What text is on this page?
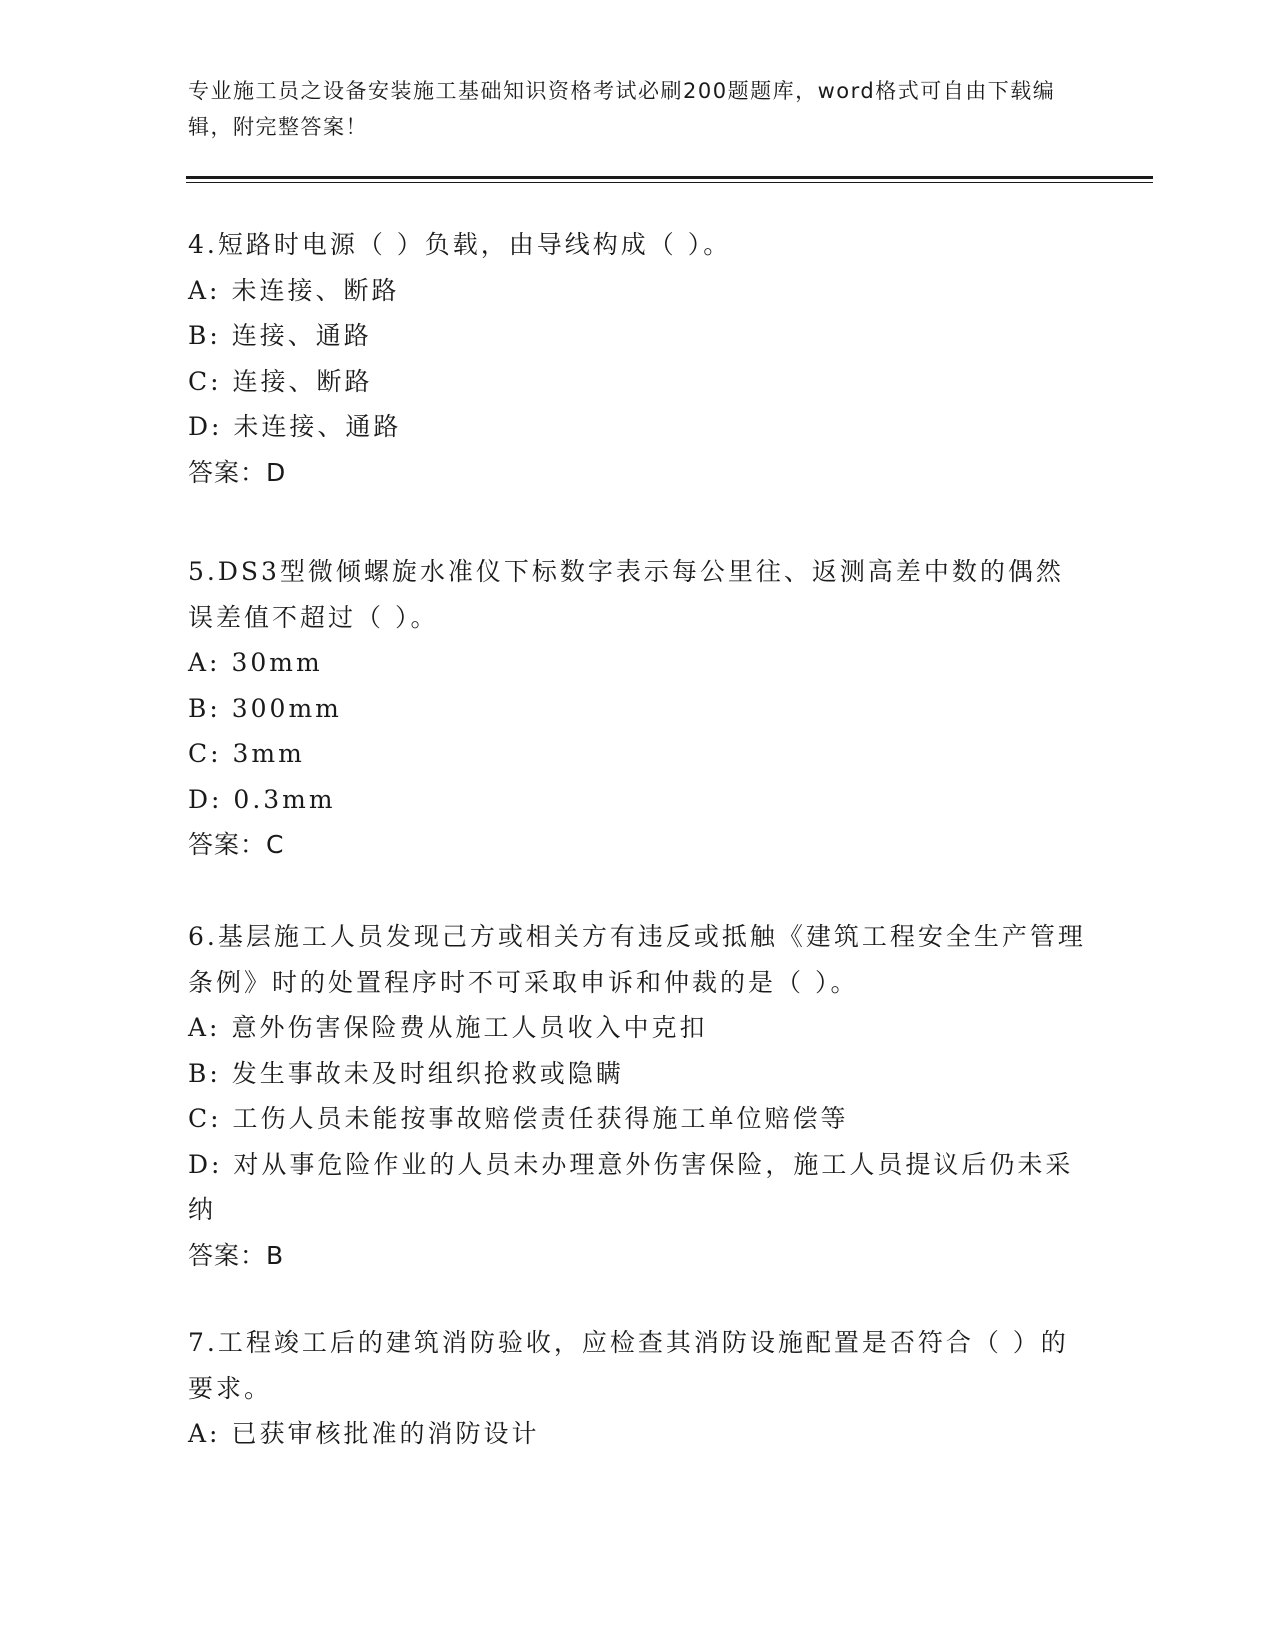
专业施工员之设备安装施工基础知识资格考试必刷200题题库，word格式可自由下载编辑，附完整答案！
4.短路时电源（ ）负载，由导线构成（ ）。
A: 未连接、断路
B: 连接、通路
C: 连接、断路
D: 未连接、通路
答案：D
5.DS3型微倾螺旋水准仪下标数字表示每公里往、返测高差中数的偶然误差值不超过（ ）。
A: 30mm
B: 300mm
C: 3mm
D: 0.3mm
答案：C
6.基层施工人员发现己方或相关方有违反或抵触《建筑工程安全生产管理条例》时的处置程序时不可采取申诉和仲裁的是（ ）。
A: 意外伤害保险费从施工人员收入中克扣
B: 发生事故未及时组织抢救或隐瞒
C: 工伤人员未能按事故赔偿责任获得施工单位赔偿等
D: 对从事危险作业的人员未办理意外伤害保险，施工人员提议后仍未采纳
答案：B
7.工程竣工后的建筑消防验收，应检查其消防设施配置是否符合（ ）的要求。
A: 已获审核批准的消防设计
